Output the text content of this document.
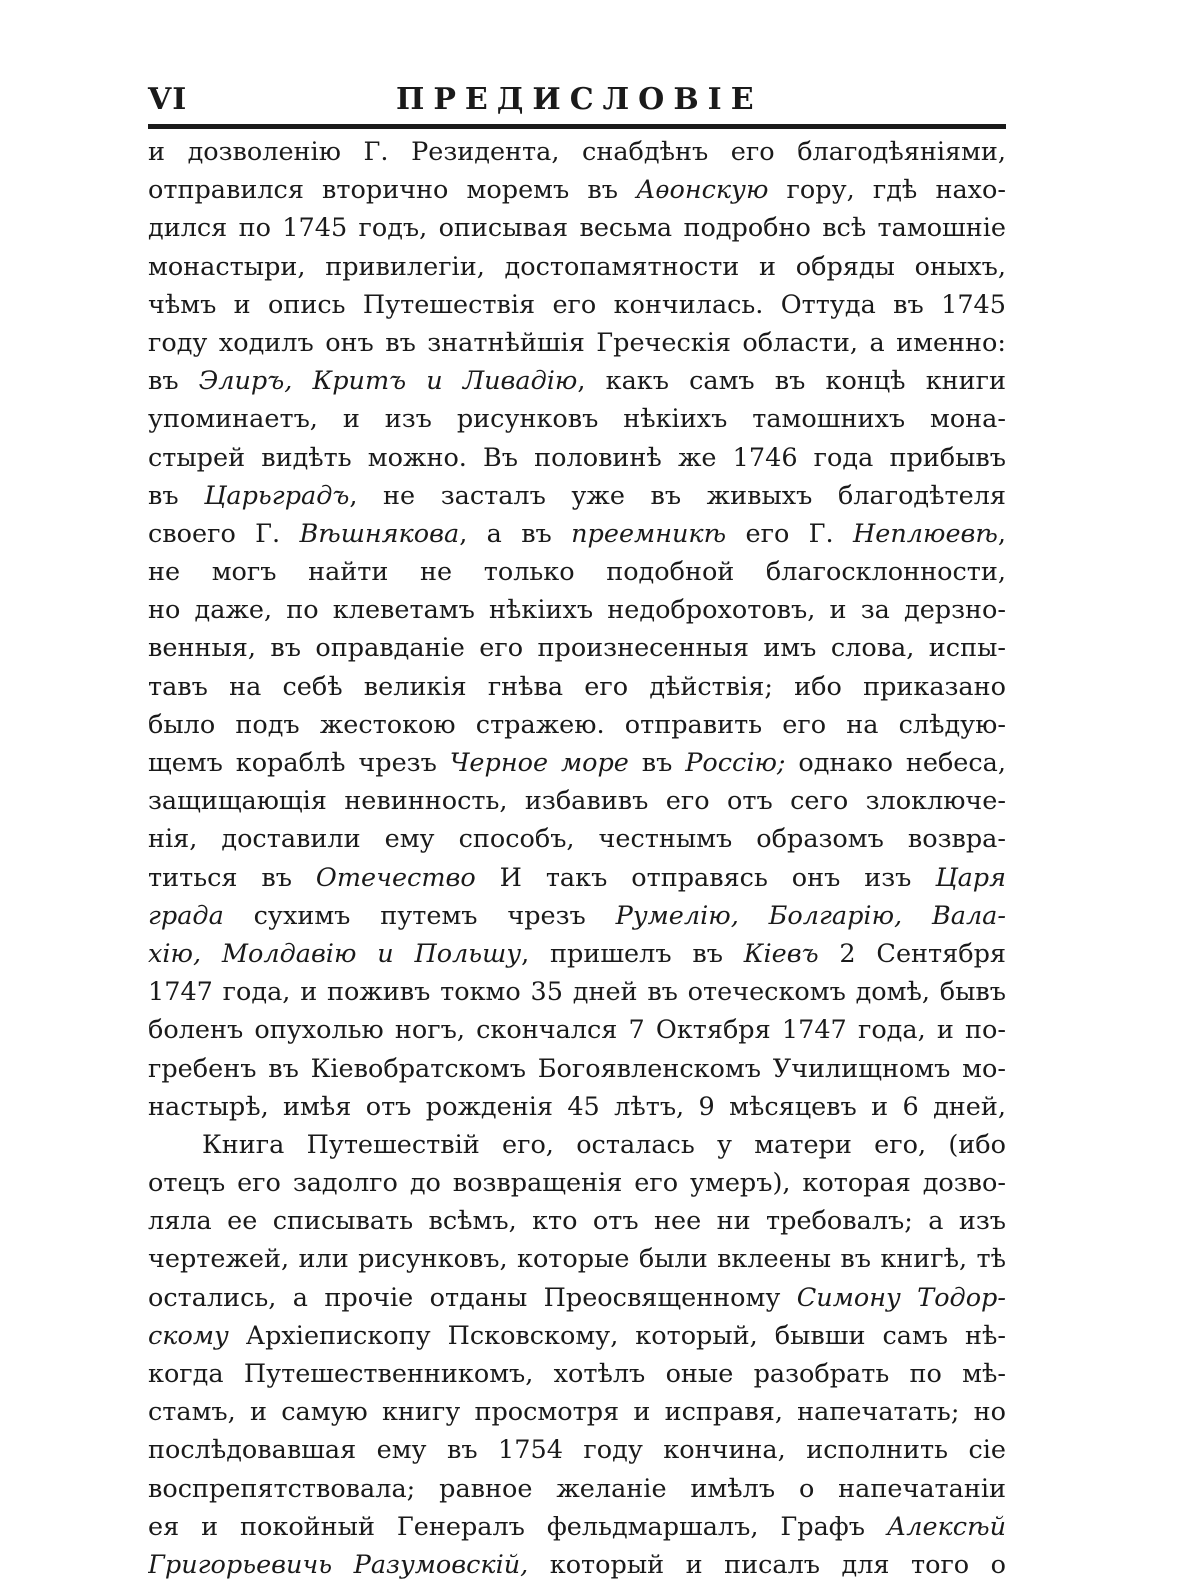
VI	ПРЕДИСЛОВІЕ
и дозволенію Г. Резидента, снабдѣнъ его благодѣяніями,
отправился вторично моремъ въ Аѳонскую гору, гдѣ нахо-
дился по 1745 годъ, описывая весьма подробно всѣ тамошніе
монастыри, привилегіи, достопамятности и обряды оныхъ,
чѣмъ и опись Путешествія его кончилась. Оттуда въ 1745
году ходилъ онъ въ знатнѣйшія Греческія области, а именно:
въ Элиръ, Критъ и Ливадію, какъ самъ въ концѣ книги
упоминаетъ, и изъ рисунковъ нѣкіихъ тамошнихъ мона-
стырей видѣть можно. Въ половинѣ же 1746 года прибывъ
въ Царьградъ, не засталъ уже въ живыхъ благодѣтеля
своего Г. Вѣшнякова, а въ преемникѣ его Г. Неплюевѣ,
не могъ найти не только подобной благосклонности,
но даже, по клеветамъ нѣкіихъ недоброхотовъ, и за дерзно-
венныя, въ оправданіе его произнесенныя имъ слова, испы-
тавъ на себѣ великія гнѣва его дѣйствія; ибо приказано
было подъ жестокою стражею. отправить его на слѣдую-
щемъ кораблѣ чрезъ Черное море въ Россію; однако небеса,
защищающія невинность, избавивъ его отъ сего злоключе-
нія, доставили ему способъ, честнымъ образомъ возвра-
титься въ Отечество И такъ отправясь онъ изъ Царя
града сухимъ путемъ чрезъ Румелію, Болгарію, Вала-
хію, Молдавію и Польшу, пришелъ въ Кіевъ 2 Сентября
1747 года, и поживъ токмо 35 дней въ отеческомъ домѣ, бывъ
боленъ опухолью ногъ, скончался 7 Октября 1747 года, и по-
гребенъ въ Кіевобратскомъ Богоявленскомъ Училищномъ мо-
настырѣ, имѣя отъ рожденія 45 лѣтъ, 9 мѣсяцевъ и 6 дней,
Книга Путешествій его, осталась у матери его, (ибо
отецъ его задолго до возвращенія его умеръ), которая дозво-
ляла ее списывать всѣмъ, кто отъ нее ни требовалъ; а изъ
чертежей, или рисунковъ, которые были вклеены въ книгѣ, тѣ
остались, а прочіе отданы Преосвященному Симону Тодор-
скому Архіепископу Псковскому, который, бывши самъ нѣ-
когда Путешественникомъ, хотѣлъ оные разобрать по мѣ-
стамъ, и самую книгу просмотря и исправя, напечатать; но
послѣдовавшая ему въ 1754 году кончина, исполнить сіе
воспрепятствовала; равное желаніе имѣлъ о напечатаніи
ея и покойный Генералъ фельдмаршалъ, Графъ Алексѣй
Григорьевичь Разумовскій, который и писалъ для того о
